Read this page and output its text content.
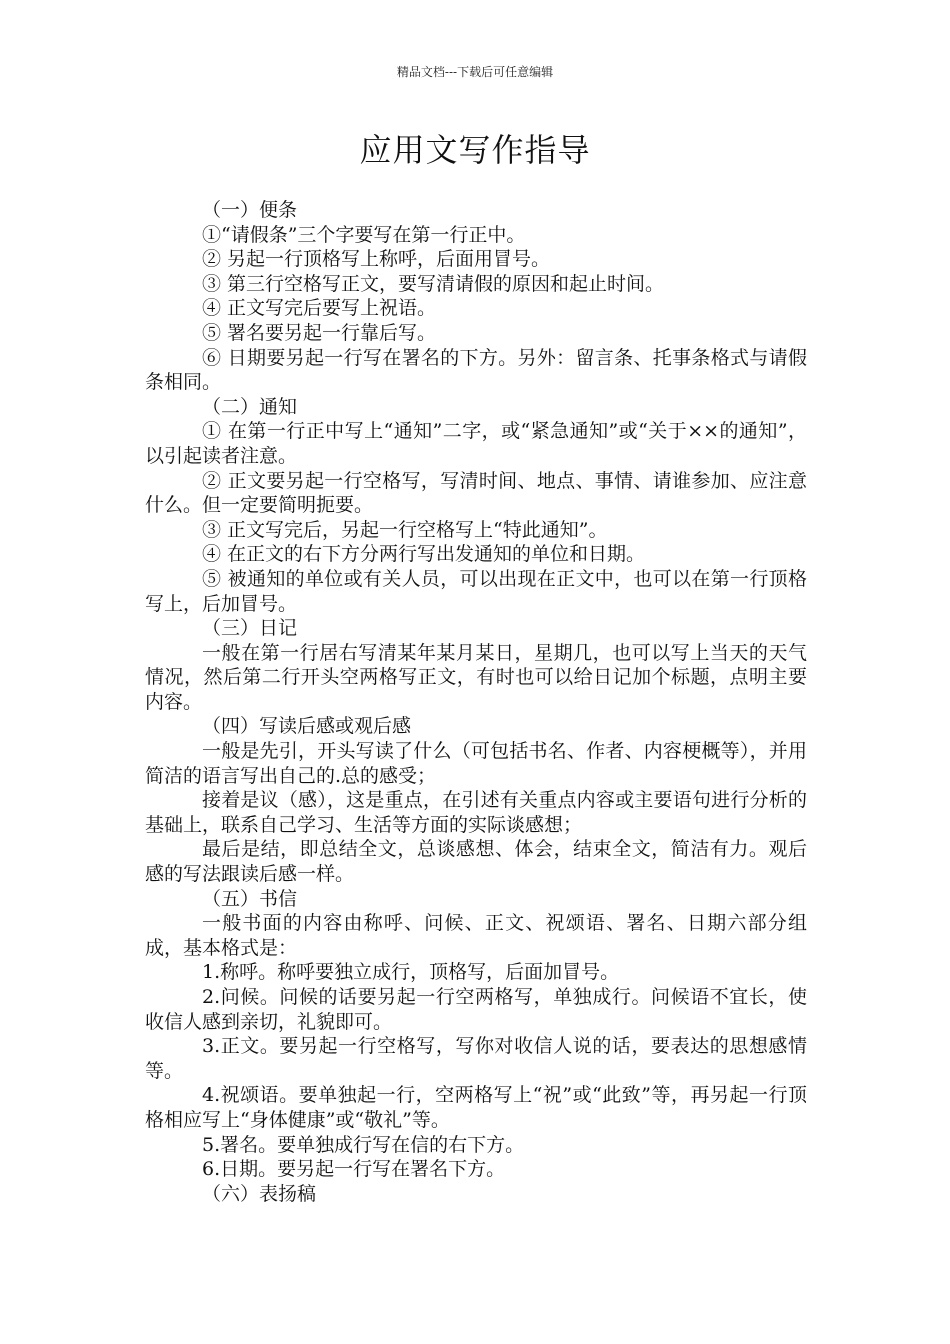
精品文档---下载后可任意编辑
应用文写作指导

（一）便条

①“请假条”三个字要写在第一行正中。

② 另起一行顶格写上称呼，后面用冒号。

③ 第三行空格写正文，要写清请假的原因和起止时间。

④ 正文写完后要写上祝语。

⑤ 署名要另起一行靠后写。

⑥ 日期要另起一行写在署名的下方。另外：留言条、托事条格式与请假条相同。

（二）通知

① 在第一行正中写上“通知”二字，或“紧急通知”或“关于××的通知”，以引起读者注意。

② 正文要另起一行空格写，写清时间、地点、事情、请谁参加、应注意什么。但一定要简明扼要。

③ 正文写完后，另起一行空格写上“特此通知”。

④ 在正文的右下方分两行写出发通知的单位和日期。

⑤ 被通知的单位或有关人员，可以出现在正文中，也可以在第一行顶格写上，后加冒号。

（三）日记

一般在第一行居右写清某年某月某日，星期几，也可以写上当天的天气情况，然后第二行开头空两格写正文，有时也可以给日记加个标题，点明主要内容。

（四）写读后感或观后感

一般是先引，开头写读了什么（可包括书名、作者、内容梗概等），并用简洁的语言写出自己的.总的感受；

接着是议（感），这是重点，在引述有关重点内容或主要语句进行分析的基础上，联系自己学习、生活等方面的实际谈感想；

最后是结，即总结全文，总谈感想、体会，结束全文，简洁有力。观后感的写法跟读后感一样。

（五）书信

一般书面的内容由称呼、问候、正文、祝颂语、署名、日期六部分组成，基本格式是：

1.称呼。称呼要独立成行，顶格写，后面加冒号。

2.问候。问候的话要另起一行空两格写，单独成行。问候语不宜长，使收信人感到亲切，礼貌即可。

3.正文。要另起一行空格写，写你对收信人说的话，要表达的思想感情等。

4.祝颂语。要单独起一行，空两格写上“祝”或“此致”等，再另起一行顶格相应写上“身体健康”或“敬礼”等。

5.署名。要单独成行写在信的右下方。

6.日期。要另起一行写在署名下方。

（六）表扬稿
